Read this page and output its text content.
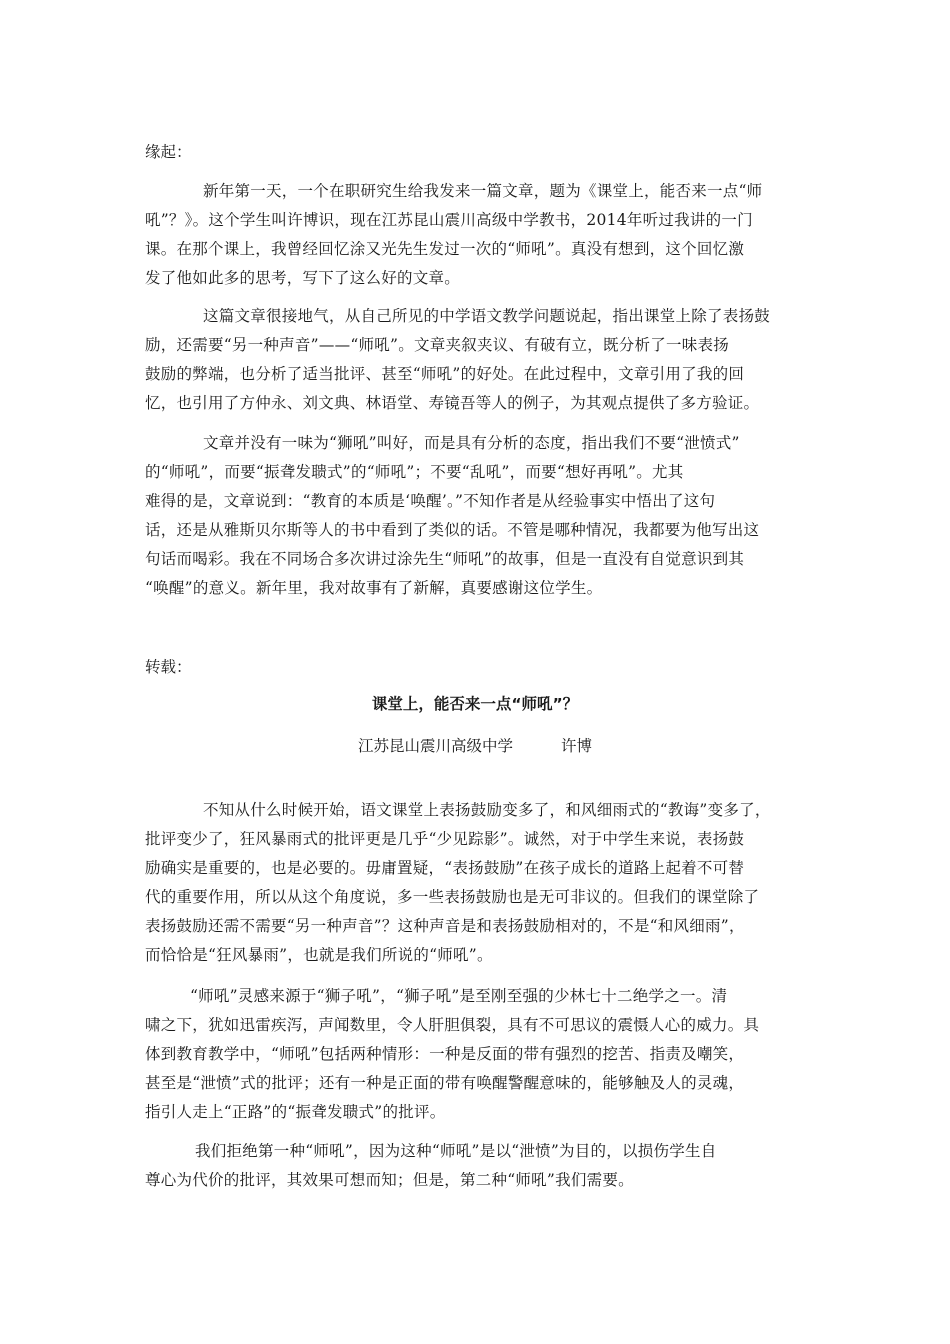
缘起：
新年第一天，一个在职研究生给我发来一篇文章，题为《课堂上，能否来一点“师
吼”？》。这个学生叫许博识，现在江苏昆山震川高级中学教书，2014年听过我讲的一门
课。在那个课上，我曾经回忆涂又光先生发过一次的“师吼”。真没有想到，这个回忆激
发了他如此多的思考，写下了这么好的文章。
这篇文章很接地气，从自己所见的中学语文教学问题说起，指出课堂上除了表扬鼓
励，还需要“另一种声音”——“师吼”。文章夹叙夹议、有破有立，既分析了一味表扬
鼓励的弊端，也分析了适当批评、甚至“师吼”的好处。在此过程中，文章引用了我的回
忆，也引用了方仲永、刘文典、林语堂、寿镜吾等人的例子，为其观点提供了多方验证。
文章并没有一味为“狮吼”叫好，而是具有分析的态度，指出我们不要“泄愤式”
的“师吼”，而要“振聋发聩式”的“师吼”；不要“乱吼”，而要“想好再吼”。尤其
难得的是，文章说到：“教育的本质是‘唤醒’。”不知作者是从经验事实中悟出了这句
话，还是从雅斯贝尔斯等人的书中看到了类似的话。不管是哪种情况，我都要为他写出这
句话而喝彩。我在不同场合多次讲过涂先生“师吼”的故事，但是一直没有自觉意识到其
“唤醒”的意义。新年里，我对故事有了新解，真要感谢这位学生。
转载：
课堂上，能否来一点“师吼”？
江苏昆山震川高级中学	许博
不知从什么时候开始，语文课堂上表扬鼓励变多了，和风细雨式的“教诲”变多了，
批评变少了，狂风暴雨式的批评更是几乎“少见踪影”。诚然，对于中学生来说，表扬鼓
励确实是重要的，也是必要的。毋庸置疑，“表扬鼓励”在孩子成长的道路上起着不可替
代的重要作用，所以从这个角度说，多一些表扬鼓励也是无可非议的。但我们的课堂除了
表扬鼓励还需不需要“另一种声音”？这种声音是和表扬鼓励相对的，不是“和风细雨”，
而恰恰是“狂风暴雨”，也就是我们所说的“师吼”。
“师吼”灵感来源于“狮子吼”，“狮子吼”是至刚至强的少林七十二绝学之一。清
啸之下，犹如迅雷疾泻，声闻数里，令人肝胆俱裂，具有不可思议的震慑人心的威力。具
体到教育教学中，“师吼”包括两种情形：一种是反面的带有强烈的挖苦、指责及嘲笑，
甚至是“泄愤”式的批评；还有一种是正面的带有唤醒警醒意味的，能够触及人的灵魂，
指引人走上“正路”的“振聋发聩式”的批评。
我们拒绝第一种“师吼”，因为这种“师吼”是以“泄愤”为目的，以损伤学生自
尊心为代价的批评，其效果可想而知；但是，第二种“师吼”我们需要。
